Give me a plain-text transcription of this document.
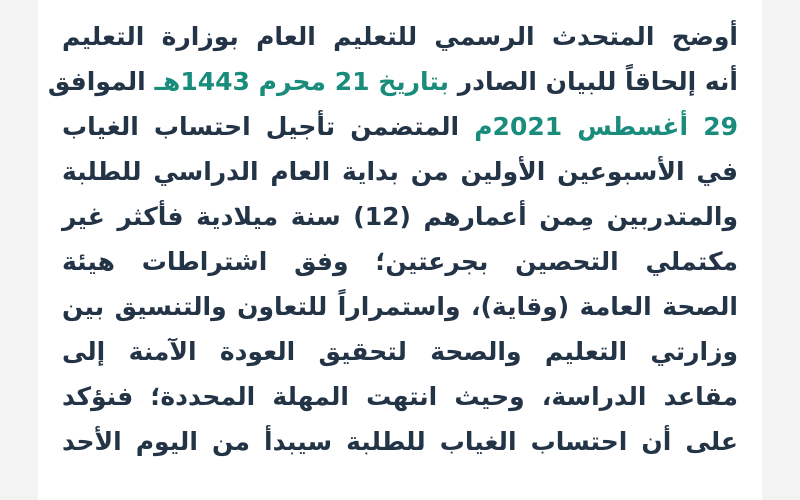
أوضح المتحدث الرسمي للتعليم العام بوزارة التعليم
أنه إلحاقاً للبيان الصادر بتاريخ 21 محرم 1443هـ الموافق
29 أغسطس 2021م المتضمن تأجيل احتساب الغياب
في الأسبوعين الأولين من بداية العام الدراسي للطلبة
والمتدربين مِمن أعمارهم (12) سنة ميلادية فأكثر غير
مكتملي التحصين بجرعتين؛ وفق اشتراطات هيئة
الصحة العامة (وقاية)، واستمراراً للتعاون والتنسيق بين
وزارتي التعليم والصحة لتحقيق العودة الآمنة إلى
مقاعد الدراسة، وحيث انتهت المهلة المحددة؛ فنؤكد
على أن احتساب الغياب للطلبة سيبدأ من اليوم الأحد
